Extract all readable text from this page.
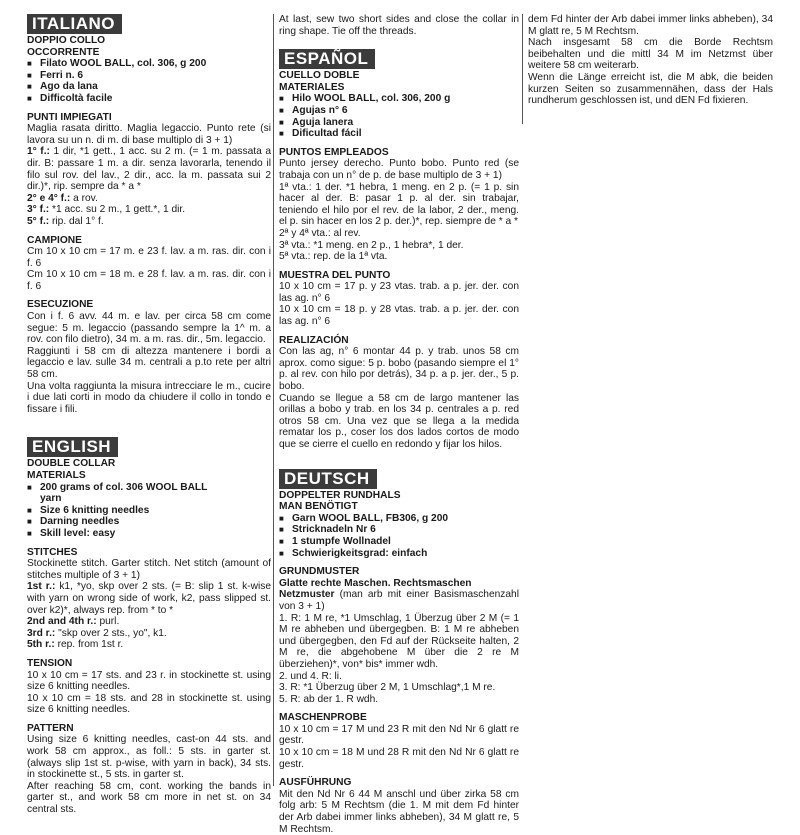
ITALIANO
DOPPIO COLLO
OCCORRENTE
■ Filato WOOL BALL, col. 306, g 200
■ Ferri n. 6
■ Ago da lana
■ Difficoltà facile
PUNTI IMPIEGATI

Maglia rasata diritto. Maglia legaccio. Punto rete (si lavora su un n. di m. di base multiplo di 3 + 1)

1° f.: 1 dir, *1 gett., 1 acc. su 2 m. (= 1 m. passata a dir. B: passare 1 m. a dir. senza lavorarla, tenendo il filo sul rov. del lav., 2 dir., acc. la m. passata sui 2 dir.)*, rip. sempre da * a *

2° e 4° f.: a rov.

3° f.: *1 acc. su 2 m., 1 gett.*, 1 dir.

5° f.: rip. dal 1° f.

CAMPIONE

Cm 10 x 10 cm = 17 m. e 23 f. lav. a m. ras. dir. con i f. 6

Cm 10 x 10 cm = 18 m. e 28 f. lav. a m. ras. dir. con i f. 6

ESECUZIONE

Con i f. 6 avv. 44 m. e lav. per circa 58 cm come segue: 5 m. legaccio (passando sempre la 1^ m. a rov. con filo dietro), 34 m. a m. ras. dir., 5m. legaccio.

Raggiunti i 58 cm di altezza mantenere i bordi a legaccio e lav. sulle 34 m. centrali a p.to rete per altri 58 cm.

Una volta raggiunta la misura intrecciare le m., cucire i due lati corti in modo da chiudere il collo in tondo e fissare i fili.

ENGLISH
DOUBLE COLLAR
MATERIALS
■ 200 grams of col. 306 WOOL BALL
yarn
■ Size 6 knitting needles
■ Darning needles
■ Skill level: easy
STITCHES

Stockinette stitch. Garter stitch. Net stitch (amount of stitches multiple of 3 + 1)

1st r.: k1, *yo, skp over 2 sts. (= B: slip 1 st. k-wise with yarn on wrong side of work, k2, pass slipped st. over k2)*, always rep. from * to *

2nd and 4th r.: purl.

3rd r.: "skp over 2 sts., yo", k1.

5th r.: rep. from 1st r.

TENSION

10 x 10 cm = 17 sts. and 23 r. in stockinette st. using size 6 knitting needles.

10 x 10 cm = 18 sts. and 28 in stockinette st. using size 6 knitting needles.

PATTERN

Using size 6 knitting needles, cast-on 44 sts. and work 58 cm approx., as foll.: 5 sts. in garter st. (always slip 1st st. p-wise, with yarn in back), 34 sts. in stockinette st., 5 sts. in garter st.

After reaching 58 cm, cont. working the bands in garter st., and work 58 cm more in net st. on 34 central sts.

At last, sew two short sides and close the collar in ring shape. Tie off the threads.

ESPAÑOL
CUELLO DOBLE
MATERIALES
■ Hilo WOOL BALL, col. 306, 200 g
■ Agujas n° 6
■ Aguja lanera
■ Dificultad fácil
PUNTOS EMPLEADOS

Punto jersey derecho. Punto bobo. Punto red (se trabaja con un n° de p. de base multiplo de 3 + 1)

1ª vta.: 1 der. *1 hebra, 1 meng. en 2 p. (= 1 p. sin hacer al der. B: pasar 1 p. al der. sin trabajar, teniendo el hilo por el rev. de la labor, 2 der., meng. el p. sin hacer en los 2 p. der.)*, rep. siempre de * a *

2ª y 4ª vta.: al rev.

3ª vta.: *1 meng. en 2 p., 1 hebra*, 1 der.

5ª vta.: rep. de la 1ª vta.

MUESTRA DEL PUNTO

10 x 10 cm = 17 p. y 23 vtas. trab. a p. jer. der. con las ag. n° 6

10 x 10 cm = 18 p. y 28 vtas. trab. a p. jer. der. con las ag. n° 6

REALIZACIÓN

Con las ag, n° 6 montar 44 p. y trab. unos 58 cm aprox. como sigue: 5 p. bobo (pasando siempre el 1° p. al rev. con hilo por detrás), 34 p. a p. jer. der., 5 p. bobo.

Cuando se llegue a 58 cm de largo mantener las orillas a bobo y trab. en los 34 p. centrales a p. red otros 58 cm. Una vez que se llega a la medida rematar los p., coser los dos lados cortos de modo que se cierre el cuello en redondo y fijar los hilos.

DEUTSCH
DOPPELTER RUNDHALS
MAN BENÖTIGT
■ Garn WOOL BALL, FB306, g 200
■ Stricknadeln Nr 6
■ 1 stumpfe Wollnadel
■ Schwierigkeitsgrad: einfach
GRUNDMUSTER
Glatte rechte Maschen. Rechtsmaschen

Netzmuster (man arb mit einer Basismaschenzahl von 3 + 1)

1. R: 1 M re, *1 Umschlag, 1 Überzug über 2 M (= 1 M re abheben und übergegben. B: 1 M re abheben und übergegben, den Fd auf der Rückseite halten, 2 M re, die abgehobene M über die 2 re M überziehen)*, von* bis* immer wdh.

2. und 4. R: li.

3. R: *1 Überzug über 2 M, 1 Umschlag*,1 M re.

5. R: ab der 1. R wdh.

MASCHENPROBE

10 x 10 cm = 17 M und 23 R mit den Nd Nr 6 glatt re gestr.

10 x 10 cm = 18 M und 28 R mit den Nd Nr 6 glatt re gestr.

AUSFÜHRUNG

Mit den Nd Nr 6 44 M anschl und über zirka 58 cm folg arb: 5 M Rechtsm (die 1. M mit dem Fd hinter der Arb dabei immer links abheben), 34 M glatt re, 5 M Rechtsm.

dem Fd hinter der Arb dabei immer links abheben), 34 M glatt re, 5 M Rechtsm.

Nach insgesamt 58 cm die Borde Rechtsm beibehalten und die mittl 34 M im Netzmst über weitere 58 cm weiterarb.

Wenn die Länge erreicht ist, die M abk, die beiden kurzen Seiten so zusammennähen, dass der Hals rundherum geschlossen ist, und dEN Fd fixieren.
